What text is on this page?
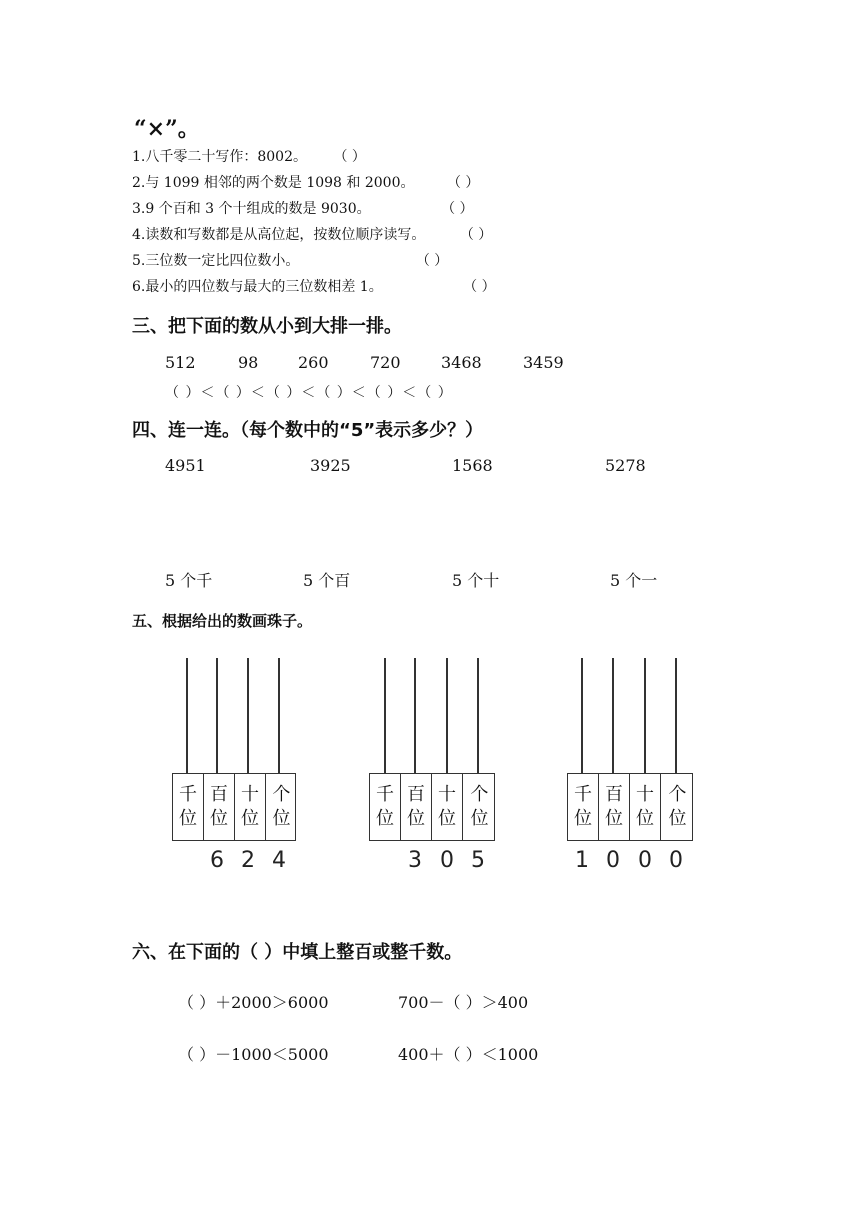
“×”。
1.八千零二十写作：8002。 （ ）
2.与 1099 相邻的两个数是 1098 和 2000。 （ ）
3.9 个百和 3 个十组成的数是 9030。	（ ）
4.读数和写数都是从高位起，按数位顺序读写。 （ ）
5.三位数一定比四位数小。	（ ）
6.最小的四位数与最大的三位数相差 1。	（ ）
三、把下面的数从小到大排一排。
512	98 260	720	3468	3459
（ ）＜（ ）＜（ ）＜（ ）＜（ ）＜（ ）
四、连一连。（每个数中的“5”表示多少？）
4951	3925	1568	5278
5 个千	5 个百	5 个十	5 个一
五、根据给出的数画珠子。
千
位
百
位
十
位
个
位
6 2 4
千
位
百
位
十
位
个
位
3 0 5
千
位
百
位
十
位
个
位
1 0 0 0
六、在下面的（ ）中填上整百或整千数。
（ ）＋2000＞6000	700－（ ）＞400
（ ）－1000＜5000	400＋（ ）＜1000
